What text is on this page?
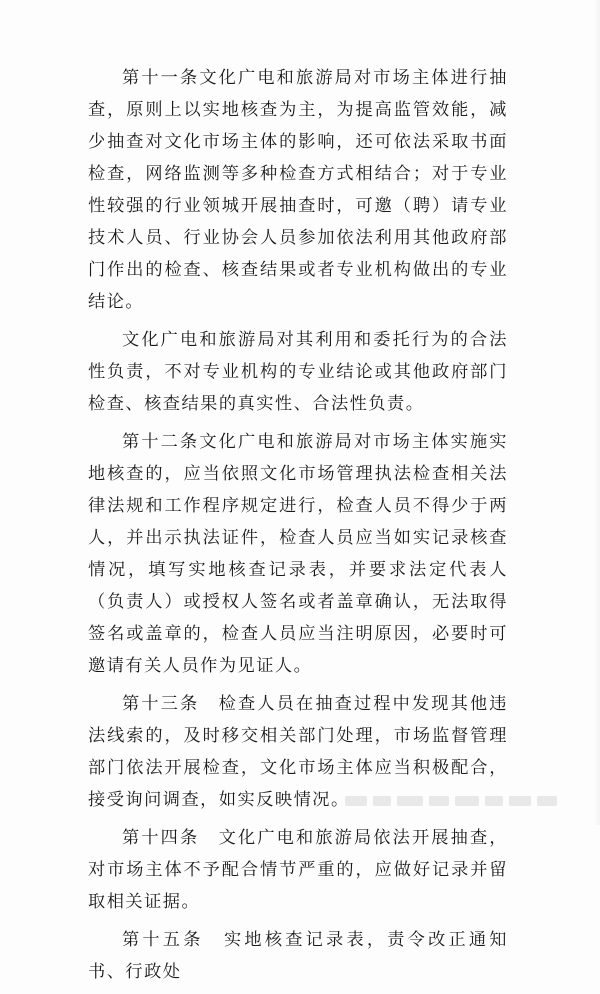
第十一条文化广电和旅游局对市场主体进行抽查，原则上以实地核查为主，为提高监管效能，减少抽查对文化市场主体的影响，还可依法采取书面检查，网络监测等多种检查方式相结合；对于专业性较强的行业领城开展抽查时，可邀（聘）请专业技术人员、行业协会人员参加依法利用其他政府部门作出的检查、核查结果或者专业机构做出的专业结论。

文化广电和旅游局对其利用和委托行为的合法性负责，不对专业机构的专业结论或其他政府部门检查、核查结果的真实性、合法性负责。

第十二条文化广电和旅游局对市场主体实施实地核查的，应当依照文化市场管理执法检查相关法律法规和工作程序规定进行，检查人员不得少于两人，并出示执法证件，检查人员应当如实记录核查情况，填写实地核查记录表，并要求法定代表人（负责人）或授权人签名或者盖章确认，无法取得签名或盖章的，检查人员应当注明原因，必要时可邀请有关人员作为见证人。

第十三条　检查人员在抽查过程中发现其他违法线索的，及时移交相关部门处理，市场监督管理部门依法开展检查，文化市场主体应当积极配合，接受询问调查，如实反映情况。

第十四条　文化广电和旅游局依法开展抽查，对市场主体不予配合情节严重的，应做好记录并留取相关证据。

第十五条　实地核查记录表，责令改正通知书、行政处
